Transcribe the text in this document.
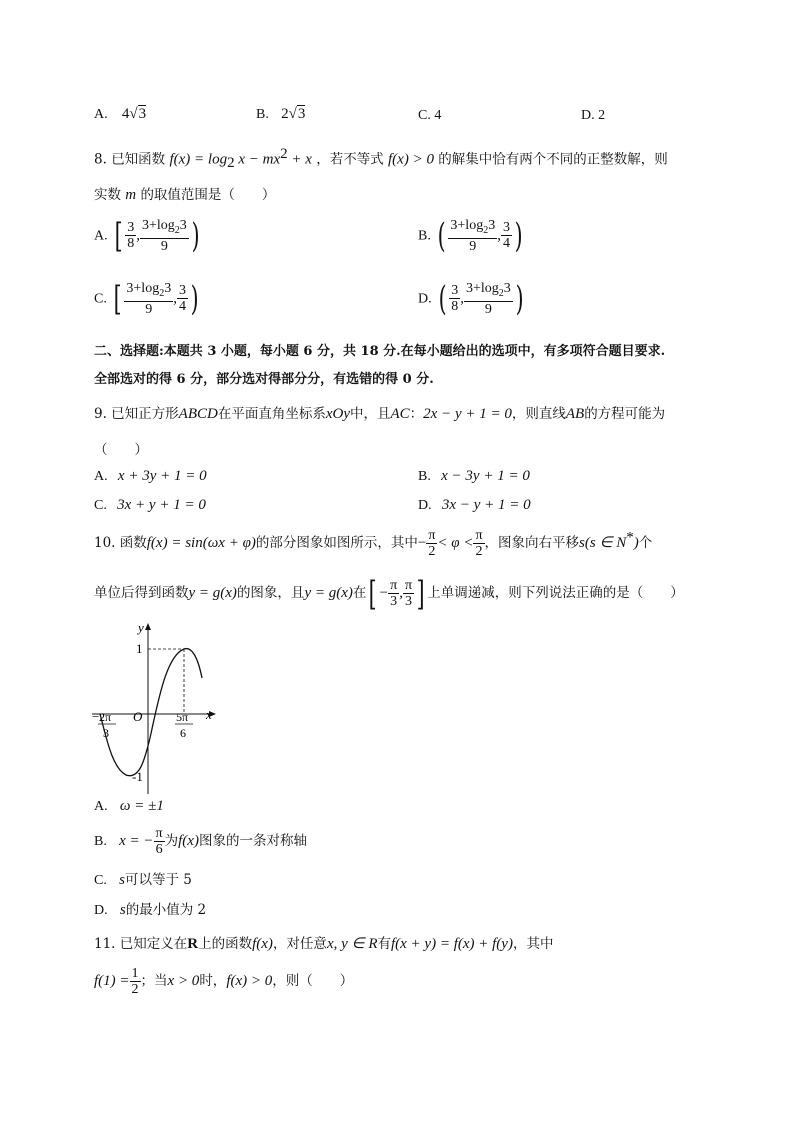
A. 4√3	B. 2√3	C. 4	D. 2
8. 已知函数 $f(x) = \log_2 x - mx^2 + x$ ，若不等式 f(x) > 0 的解集中恰有两个不同的正整数解，则
实数 m 的取值范围是（　　）
A. [ $\frac{3}{8}$ , $\frac{3+\log_23}{9}$ )	B. ( $\frac{3+\log_23}{9}$ , $\frac{3}{4}$ )
C. [ $\frac{3+\log_23}{9}$ , $\frac{3}{4}$ )	D. ( $\frac{3}{8}$ , $\frac{3+\log_23}{9}$ )
二、选择题:本题共 3 小题，每小题 6 分，共 18 分.在每小题给出的选项中，有多项符合题目要求.
全部选对的得 6 分，部分选对得部分分，有选错的得 0 分.
9. 已知正方形ABCD在平面直角坐标系xOy中，且AC：2x − y + 1 = 0，则直线AB的方程可能为
（　　）
A. x + 3y + 1 = 0	B. x − 3y + 1 = 0
C. 3x + y + 1 = 0	D. 3x − y + 1 = 0
10. 函数f(x) = sin(ωx + φ)的部分图象如图所示，其中− $\frac{\pi}{2} < \varphi < \frac{\pi}{2}$ ，图象向右平移s(s ∈ N*)个
单位后得到函数y = g(x)的图象，且y = g(x)在[ − $\frac{\pi}{3}$ , $\frac{\pi}{3}$ ] 上单调递减，则下列说法正确的是（　　）
y
1
-1
O	x
− 2π
3
5π
6
A. ω = ±1
B. x = − $\frac{\pi}{6}$ 为f(x)图象的一条对称轴
C. s可以等于 5
D. s的最小值为 2
11. 已知定义在R上的函数f(x)，对任意x, y ∈ R有f(x + y) = f(x) + f(y)，其中
$f(1) = \frac{1}{2}$ ；当x > 0时，f(x) > 0，则（　　）
